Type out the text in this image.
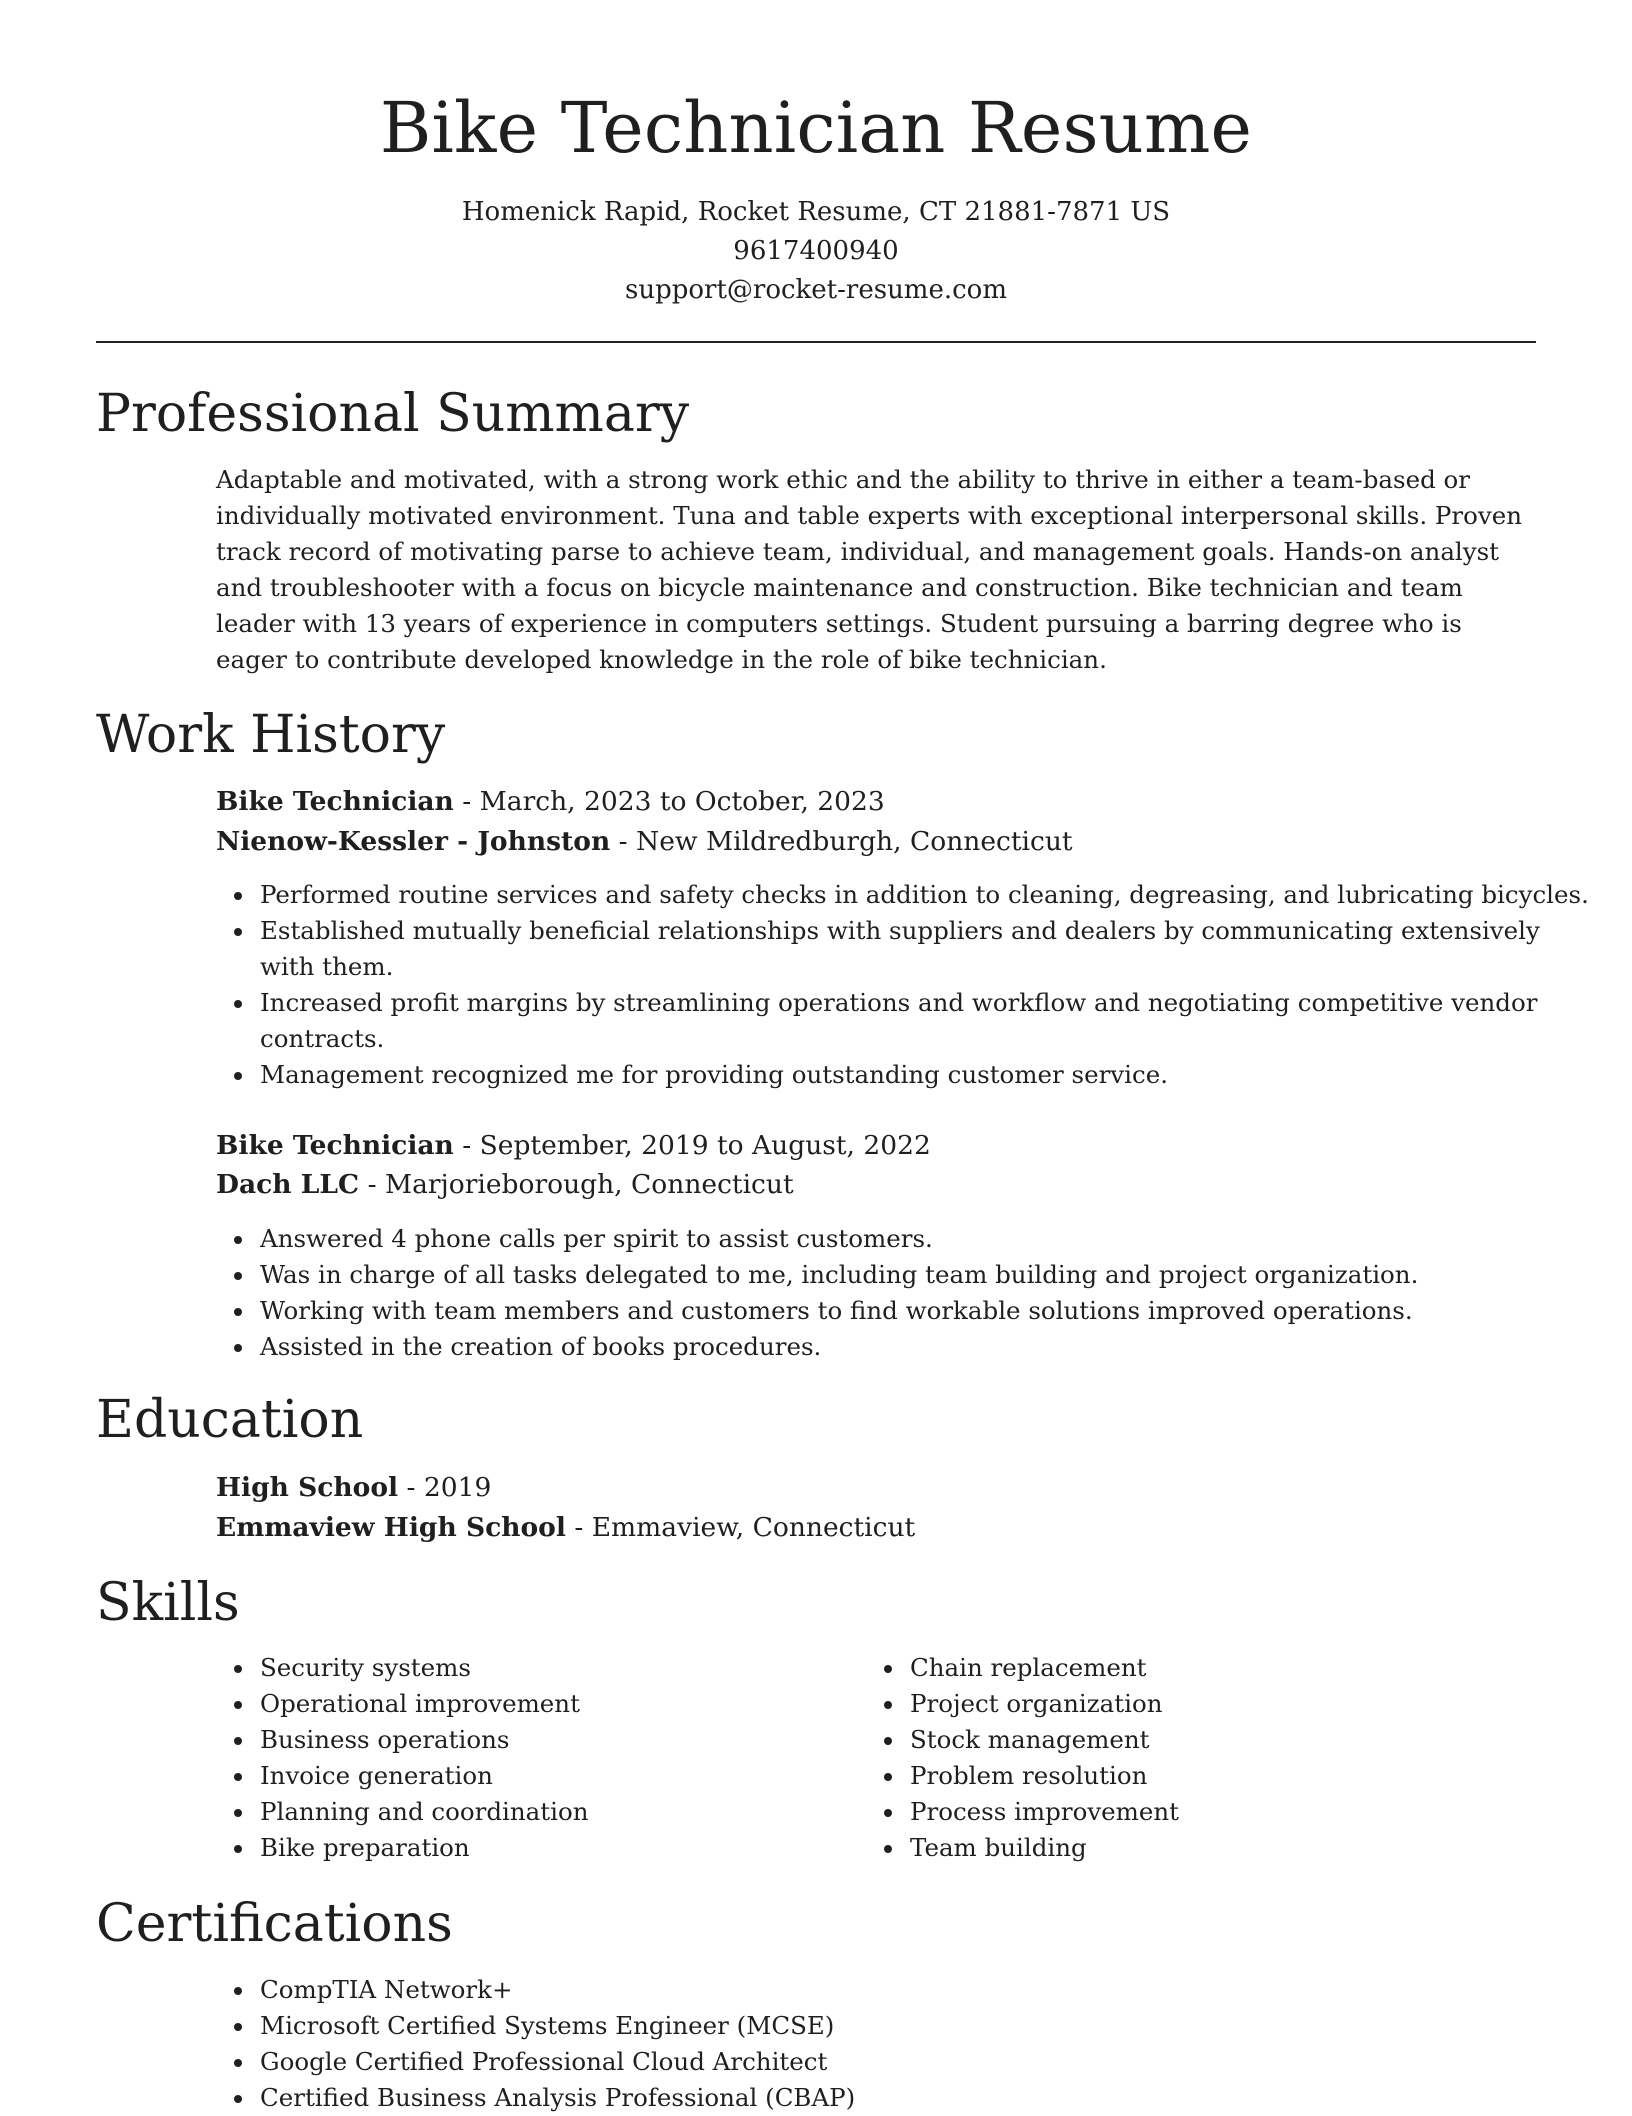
Bike Technician Resume
Homenick Rapid, Rocket Resume, CT 21881-7871 US
9617400940
support@rocket-resume.com
Professional Summary

Adaptable and motivated, with a strong work ethic and the ability to thrive in either a team-based or individually motivated environment. Tuna and table experts with exceptional interpersonal skills. Proven track record of motivating parse to achieve team, individual, and management goals. Hands-on analyst and troubleshooter with a focus on bicycle maintenance and construction. Bike technician and team leader with 13 years of experience in computers settings. Student pursuing a barring degree who is eager to contribute developed knowledge in the role of bike technician.

Work History
Bike Technician - March, 2023 to October, 2023
Nienow-Kessler - Johnston - New Mildredburgh, Connecticut
Performed routine services and safety checks in addition to cleaning, degreasing, and lubricating bicycles.
Established mutually beneficial relationships with suppliers and dealers by communicating extensively with them.
Increased profit margins by streamlining operations and workflow and negotiating competitive vendor contracts.
Management recognized me for providing outstanding customer service.
Bike Technician - September, 2019 to August, 2022
Dach LLC - Marjorieborough, Connecticut
Answered 4 phone calls per spirit to assist customers.
Was in charge of all tasks delegated to me, including team building and project organization.
Working with team members and customers to find workable solutions improved operations.
Assisted in the creation of books procedures.
Education
High School - 2019
Emmaview High School - Emmaview, Connecticut
Skills
Security systems
Operational improvement
Business operations
Invoice generation
Planning and coordination
Bike preparation
Chain replacement
Project organization
Stock management
Problem resolution
Process improvement
Team building
Certifications
CompTIA Network+
Microsoft Certified Systems Engineer (MCSE)
Google Certified Professional Cloud Architect
Certified Business Analysis Professional (CBAP)
